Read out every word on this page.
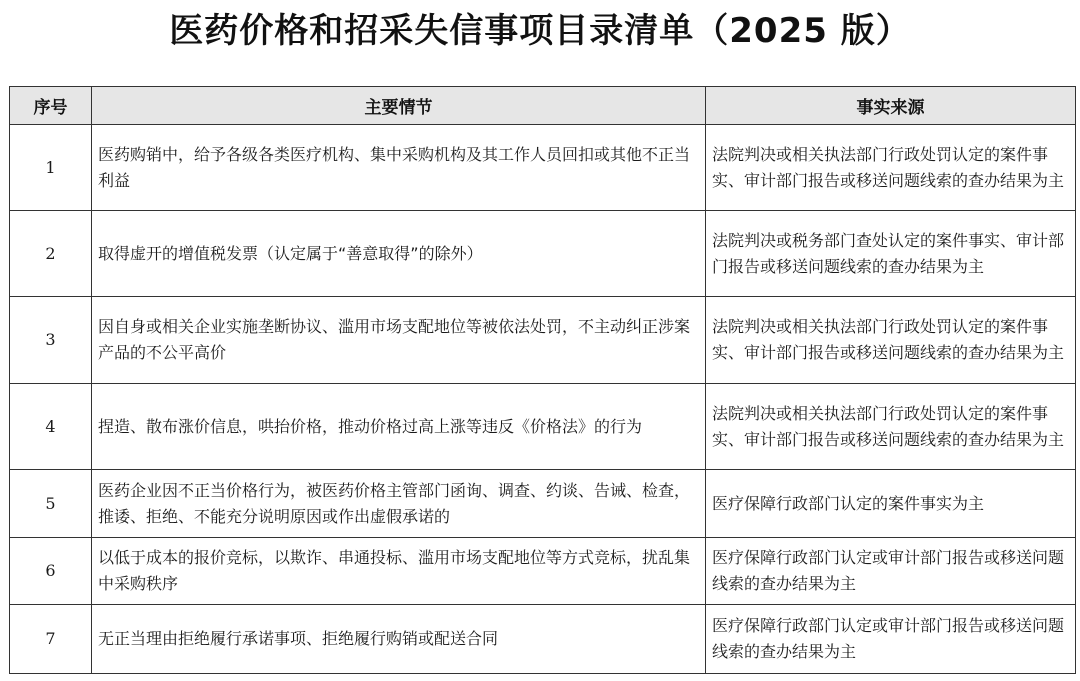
医药价格和招采失信事项目录清单（2025 版）
序号	主要情节	事实来源
1	医药购销中，给予各级各类医疗机构、集中采购机构及其工作人员回扣或其他不正当利益	法院判决或相关执法部门行政处罚认定的案件事实、审计部门报告或移送问题线索的查办结果为主
2	取得虚开的增值税发票（认定属于“善意取得”的除外）	法院判决或税务部门查处认定的案件事实、审计部门报告或移送问题线索的查办结果为主
3	因自身或相关企业实施垄断协议、滥用市场支配地位等被依法处罚，不主动纠正涉案产品的不公平高价	法院判决或相关执法部门行政处罚认定的案件事实、审计部门报告或移送问题线索的查办结果为主
4	捏造、散布涨价信息，哄抬价格，推动价格过高上涨等违反《价格法》的行为	法院判决或相关执法部门行政处罚认定的案件事实、审计部门报告或移送问题线索的查办结果为主
5	医药企业因不正当价格行为，被医药价格主管部门函询、调查、约谈、告诫、检查，推诿、拒绝、不能充分说明原因或作出虚假承诺的	医疗保障行政部门认定的案件事实为主
6	以低于成本的报价竞标，以欺诈、串通投标、滥用市场支配地位等方式竞标，扰乱集中采购秩序	医疗保障行政部门认定或审计部门报告或移送问题线索的查办结果为主
7	无正当理由拒绝履行承诺事项、拒绝履行购销或配送合同	医疗保障行政部门认定或审计部门报告或移送问题线索的查办结果为主
